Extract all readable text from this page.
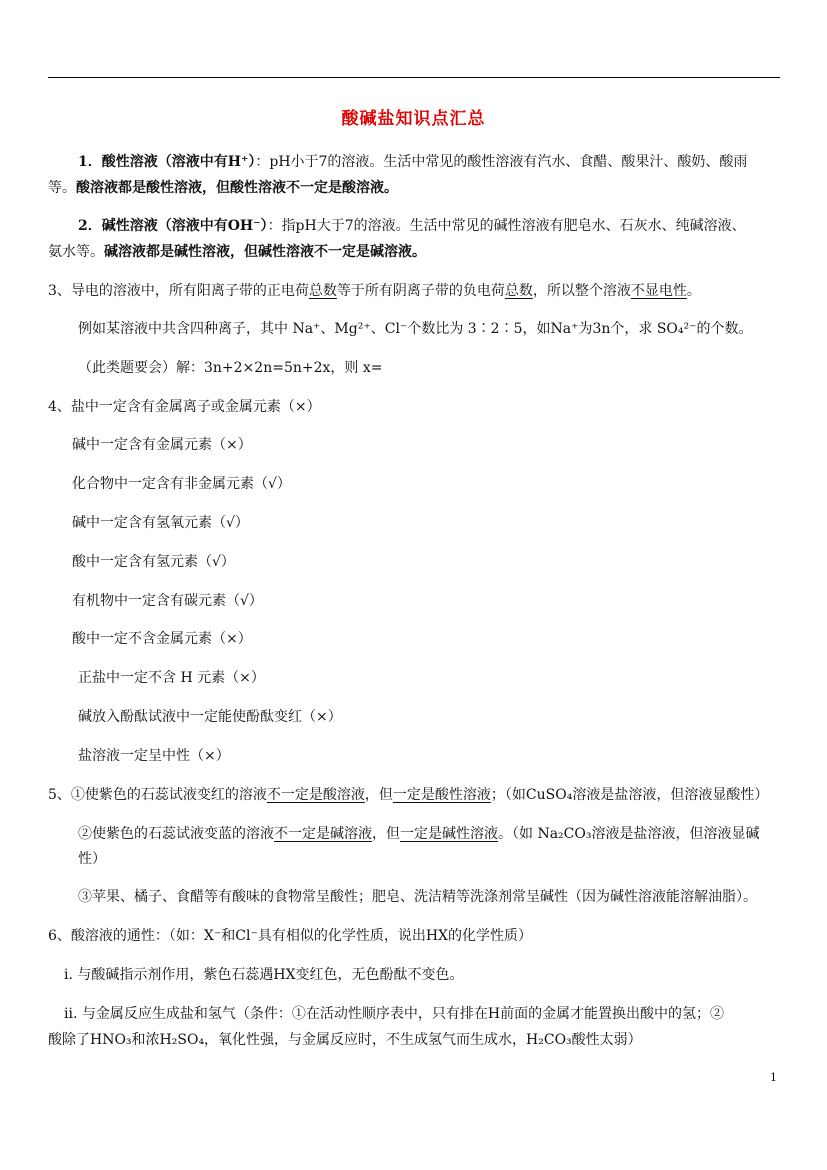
酸碱盐知识点汇总
1．酸性溶液（溶液中有H⁺）：pH小于7的溶液。生活中常见的酸性溶液有汽水、食醋、酸果汁、酸奶、酸雨
等。酸溶液都是酸性溶液，但酸性溶液不一定是酸溶液。
2．碱性溶液（溶液中有OH⁻）：指pH大于7的溶液。生活中常见的碱性溶液有肥皂水、石灰水、纯碱溶液、
氨水等。碱溶液都是碱性溶液，但碱性溶液不一定是碱溶液。
3、导电的溶液中，所有阳离子带的正电荷总数等于所有阴离子带的负电荷总数，所以整个溶液不显电性。
例如某溶液中共含四种离子，其中 Na⁺、Mg²⁺、Cl⁻个数比为 3∶2∶5，如Na⁺为3n个，求 SO₄²⁻的个数。
（此类题要会）解：3n+2×2n=5n+2x，则 x=
4、盐中一定含有金属离子或金属元素（×）
碱中一定含有金属元素（×）
化合物中一定含有非金属元素（√）
碱中一定含有氢氧元素（√）
酸中一定含有氢元素（√）
有机物中一定含有碳元素（√）
酸中一定不含金属元素（×）
正盐中一定不含 H 元素（×）
碱放入酚酞试液中一定能使酚酞变红（×）
盐溶液一定呈中性（×）
5、①使紫色的石蕊试液变红的溶液不一定是酸溶液，但一定是酸性溶液；（如CuSO₄溶液是盐溶液，但溶液显酸性）
②使紫色的石蕊试液变蓝的溶液不一定是碱溶液，但一定是碱性溶液。（如 Na₂CO₃溶液是盐溶液，但溶液显碱
性）
③苹果、橘子、食醋等有酸味的食物常呈酸性；肥皂、洗洁精等洗涤剂常呈碱性（因为碱性溶液能溶解油脂）。
6、酸溶液的通性：（如：X⁻和Cl⁻具有相似的化学性质，说出HX的化学性质）
i. 与酸碱指示剂作用，紫色石蕊遇HX变红色，无色酚酞不变色。
ii. 与金属反应生成盐和氢气（条件：①在活动性顺序表中，只有排在H前面的金属才能置换出酸中的氢；②
酸除了HNO₃和浓H₂SO₄，氧化性强，与金属反应时，不生成氢气而生成水，H₂CO₃酸性太弱）
1
